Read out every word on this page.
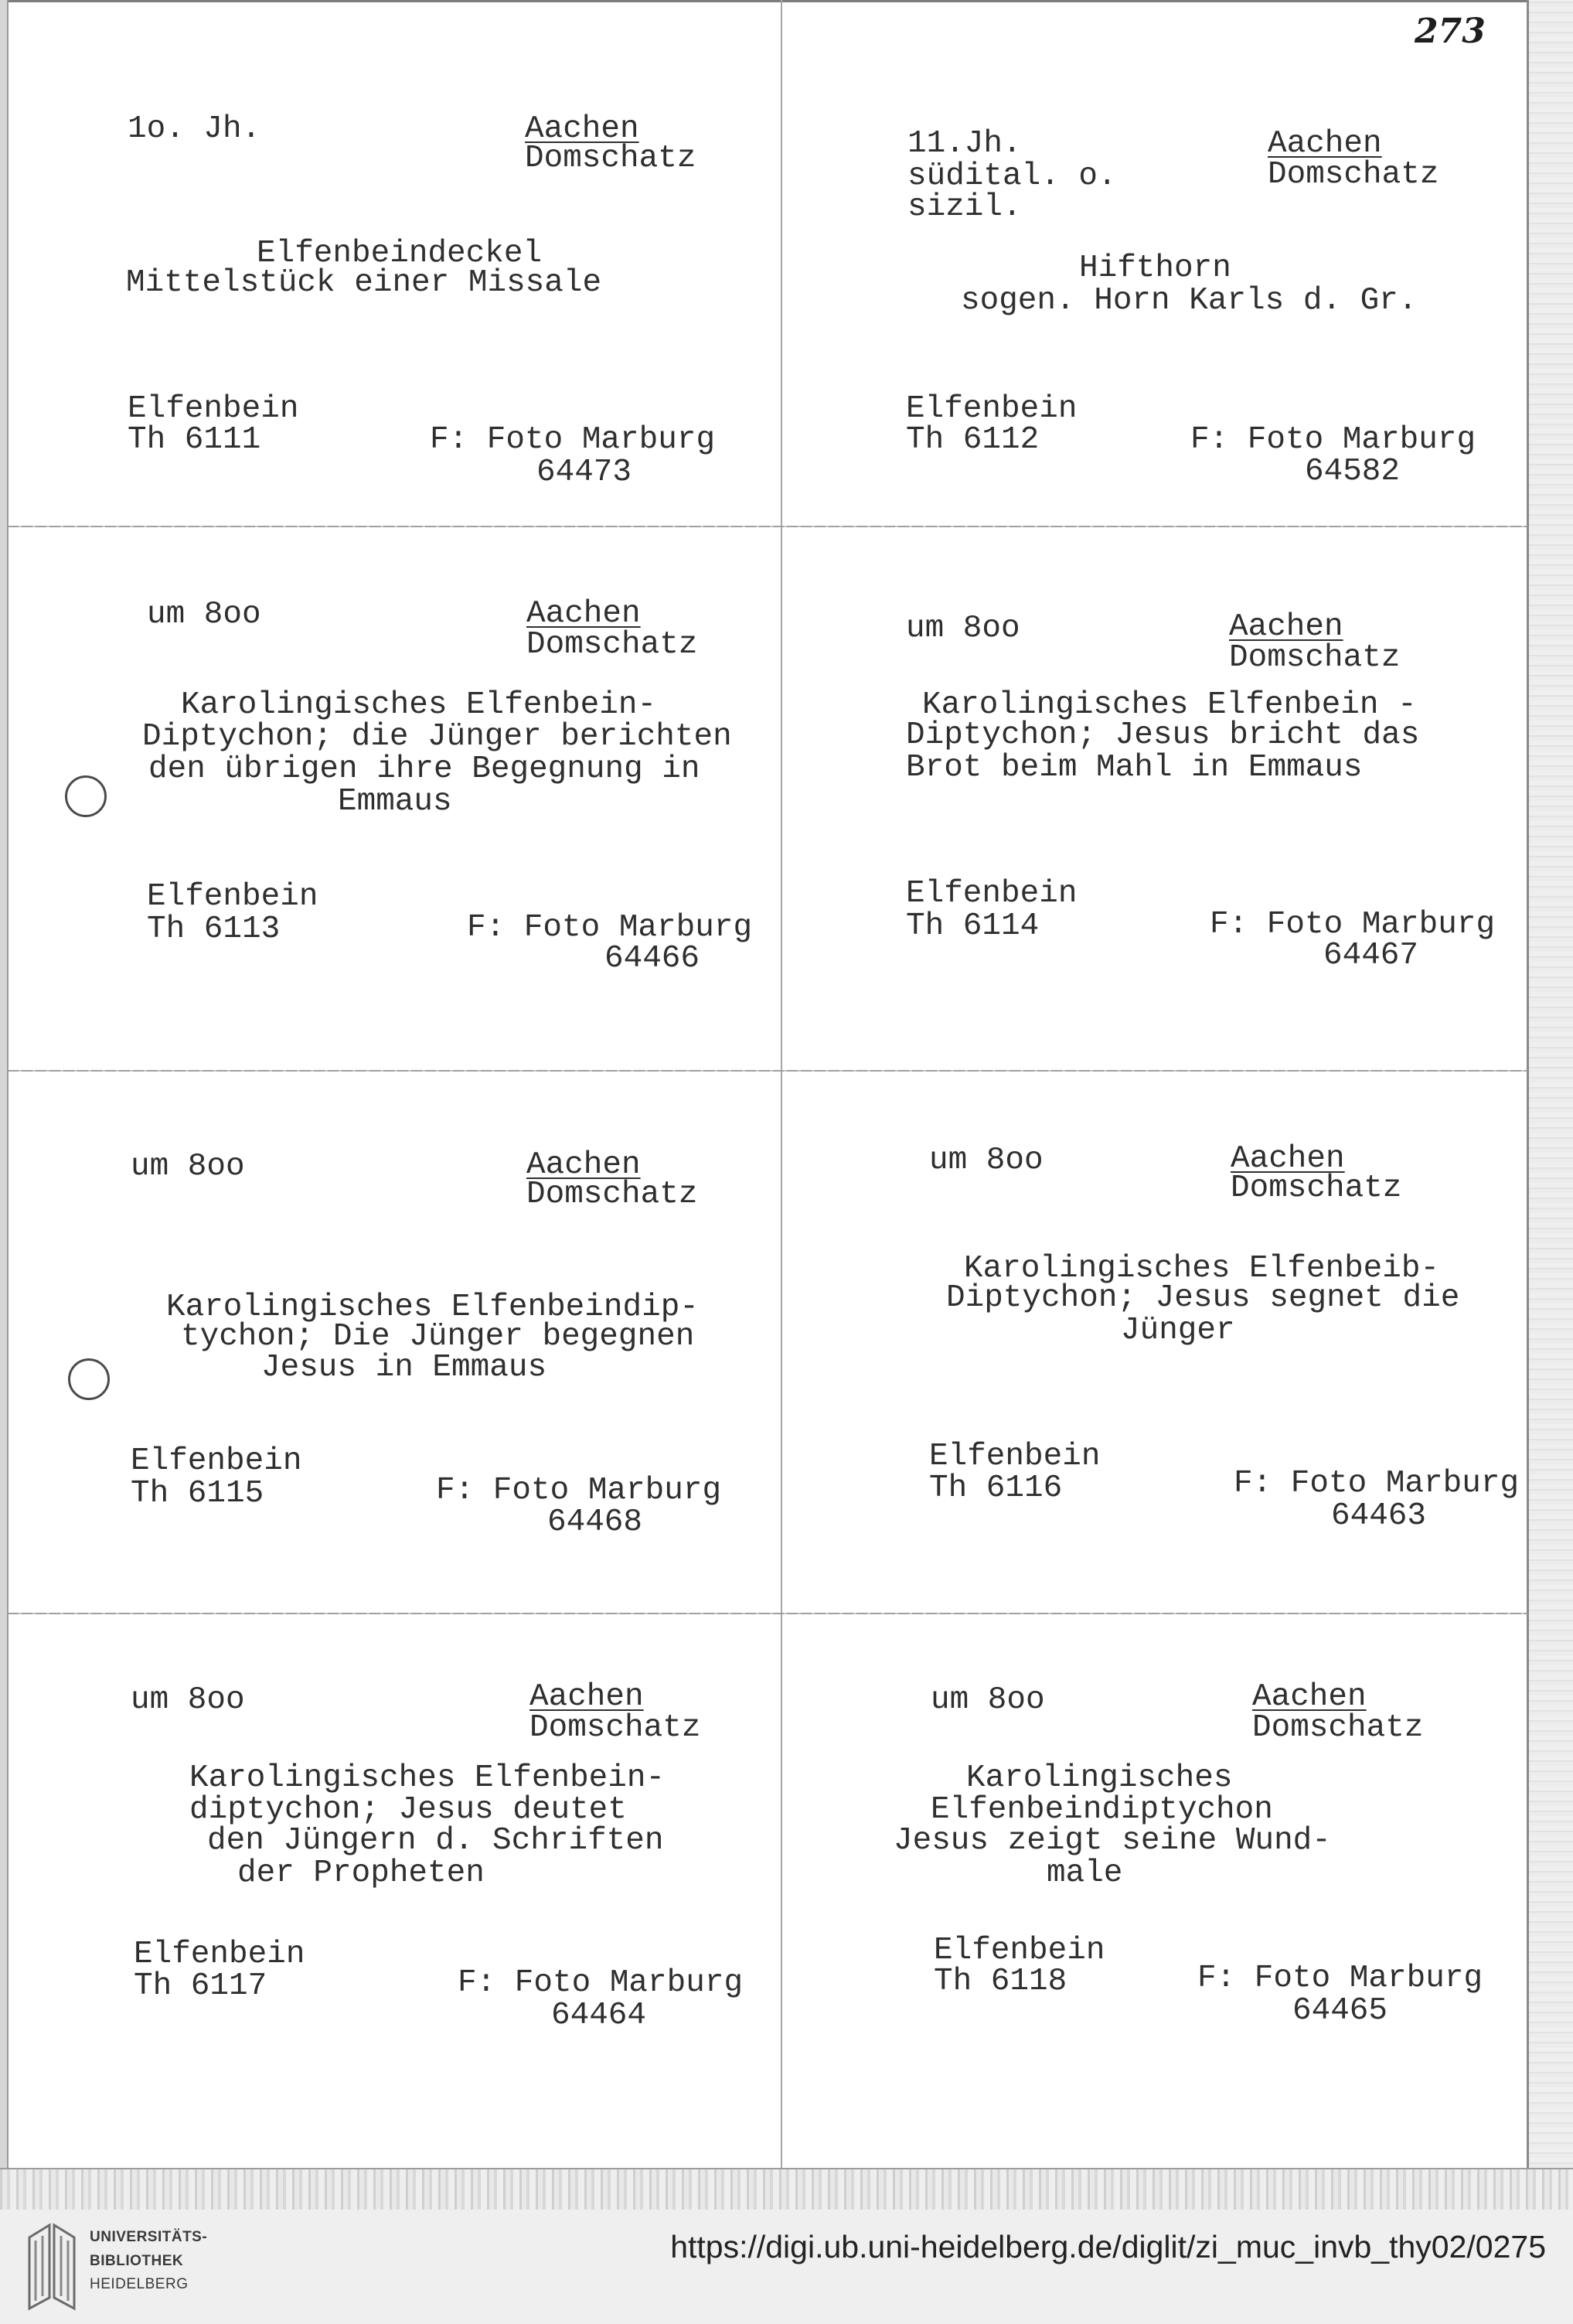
273
1o. Jh.	Aachen
Domschatz
Elfenbeindeckel
Mittelstück einer Missale
Elfenbein
Th 6111	F: Foto Marburg
64473
11.Jh.
südital. o.
sizil.
Aachen
Domschatz
Hifthorn
sogen. Horn Karls d. Gr.
Elfenbein
Th 6112	F: Foto Marburg
64582
um 8oo	Aachen
Domschatz
Karolingisches Elfenbein-
Diptychon; die Jünger berichten
den übrigen ihre Begegnung in
Emmaus
Elfenbein
Th 6113	F: Foto Marburg
64466
um 8oo	Aachen
Domschatz
Karolingisches Elfenbein -
Diptychon; Jesus bricht das
Brot beim Mahl in Emmaus
Elfenbein
Th 6114	F: Foto Marburg
64467
um 8oo	Aachen
Domschatz
Karolingisches Elfenbeindip-
tychon; Die Jünger begegnen
Jesus in Emmaus
Elfenbein
Th 6115	F: Foto Marburg
64468
um 8oo	Aachen
Domschatz
Karolingisches Elfenbeib-
Diptychon; Jesus segnet die
Jünger
Elfenbein
Th 6116	F: Foto Marburg
64463
um 8oo	Aachen
Domschatz
Karolingisches Elfenbein-
diptychon; Jesus deutet
den Jüngern d. Schriften
der Propheten
Elfenbein
Th 6117	F: Foto Marburg
64464
um 8oo	Aachen
Domschatz
Karolingisches
Elfenbeindiptychon
Jesus zeigt seine Wund-
male
Elfenbein
Th 6118	F: Foto Marburg
64465
UNIVERSITÄTS-
BIBLIOTHEK
HEIDELBERG
https://digi.ub.uni-heidelberg.de/diglit/zi_muc_invb_thy02/0275
